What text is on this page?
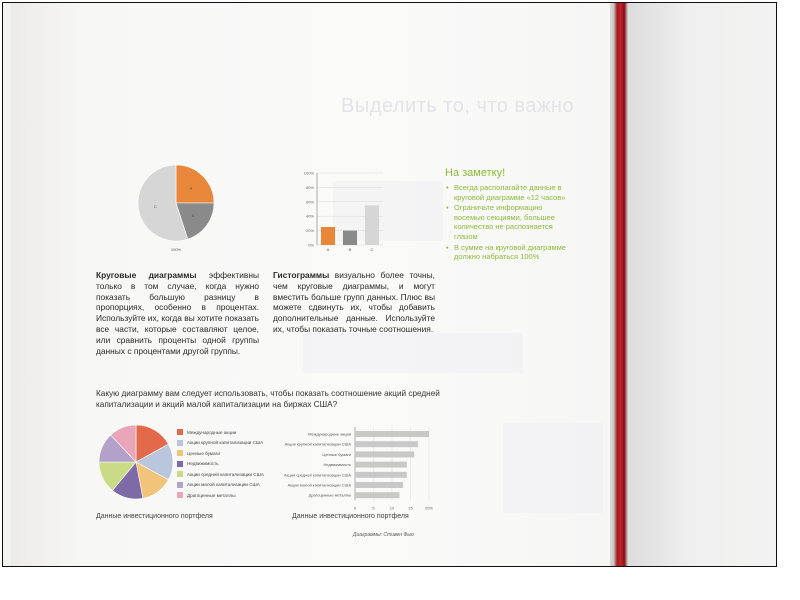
Выделить то, что важно
A
B
C
100%
0%
20%
40%
60%
80%
100%
A	B	C
На заметку!
• Всегда располагайте данные в круговой диаграмме «12 часов»
• Ограничьте информацию восемью секциями, большее количество не распознается глазом
• В сумме на круговой диаграмме должно набраться 100%
Круговые диаграммы эффективны только в том случае, когда нужно показать большую разницу в пропорциях, особенно в процентах. Используйте их, когда вы хотите показать все части, которые составляют целое, или сравнить проценты одной группы данных с процентами другой группы.
Гистограммы визуально более точны, чем круговые диаграммы, и могут вместить больше групп данных. Плюс вы можете сдвинуть их, чтобы добавить дополнительные данные. Используйте их, чтобы показать точные соотношения.
Какую диаграмму вам следует использовать, чтобы показать соотношение акций средней капитализации и акций малой капитализации на биржах США?
Международные акции
Акции крупной капитализации США
Ценные бумаги
Недвижимость
Акции средней капитализации США
Акции малой капитализации США
Драгоценные металлы
0	5	10	15	20%
Международные акции
Акции крупной капитализации США
Ценные бумаги
Недвижимость
Акции средней капитализации США
Акции малой капитализации США
Драгоценные металлы
Данные инвестиционного портфеля	Данные инвестиционного портфеля
Диаграммы: Стивен Фью
